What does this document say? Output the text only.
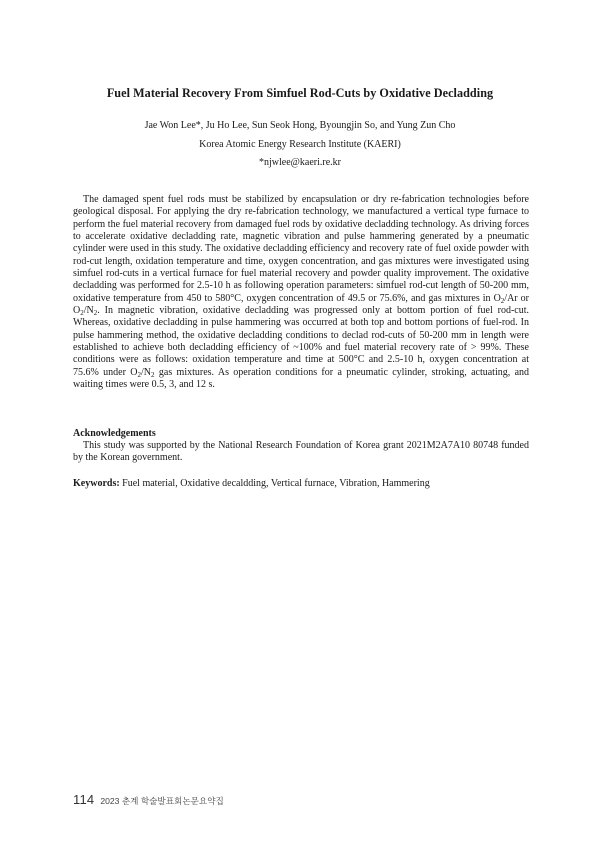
Fuel Material Recovery From Simfuel Rod-Cuts by Oxidative Decladding
Jae Won Lee*, Ju Ho Lee, Sun Seok Hong, Byoungjin So, and Yung Zun Cho
Korea Atomic Energy Research Institute (KAERI)
*njwlee@kaeri.re.kr

The damaged spent fuel rods must be stabilized by encapsulation or dry re-fabrication technologies before geological disposal. For applying the dry re-fabrication technology, we manufactured a vertical type furnace to perform the fuel material recovery from damaged fuel rods by oxidative decladding technology. As driving forces to accelerate oxidative decladding rate, magnetic vibration and pulse hammering generated by a pneumatic cylinder were used in this study. The oxidative decladding efficiency and recovery rate of fuel oxide powder with rod-cut length, oxidation temperature and time, oxygen concentration, and gas mixtures were investigated using simfuel rod-cuts in a vertical furnace for fuel material recovery and powder quality improvement. The oxidative decladding was performed for 2.5-10 h as following operation parameters: simfuel rod-cut length of 50-200 mm, oxidative temperature from 450 to 580°C, oxygen concentration of 49.5 or 75.6%, and gas mixtures in $O_2/Ar$ or $O_2/N_2$. In magnetic vibration, oxidative decladding was progressed only at bottom portion of fuel rod-cut. Whereas, oxidative decladding in pulse hammering was occurred at both top and bottom portions of fuel-rod. In pulse hammering method, the oxidative decladding conditions to declad rod-cuts of 50-200 mm in length were established to achieve both decladding efficiency of ~100% and fuel material recovery rate of > 99%. These conditions were as follows: oxidation temperature and time at 500°C and 2.5-10 h, oxygen concentration at 75.6% under $O_2/N_2$ gas mixtures. As operation conditions for a pneumatic cylinder, stroking, actuating, and waiting times were 0.5, 3, and 12 s.

Acknowledgements

This study was supported by the National Research Foundation of Korea grant 2021M2A7A10 80748 funded by the Korean government.

Keywords: Fuel material, Oxidative decaldding, Vertical furnace, Vibration, Hammering
114 2023 춘계 학술발표회논문요약집
